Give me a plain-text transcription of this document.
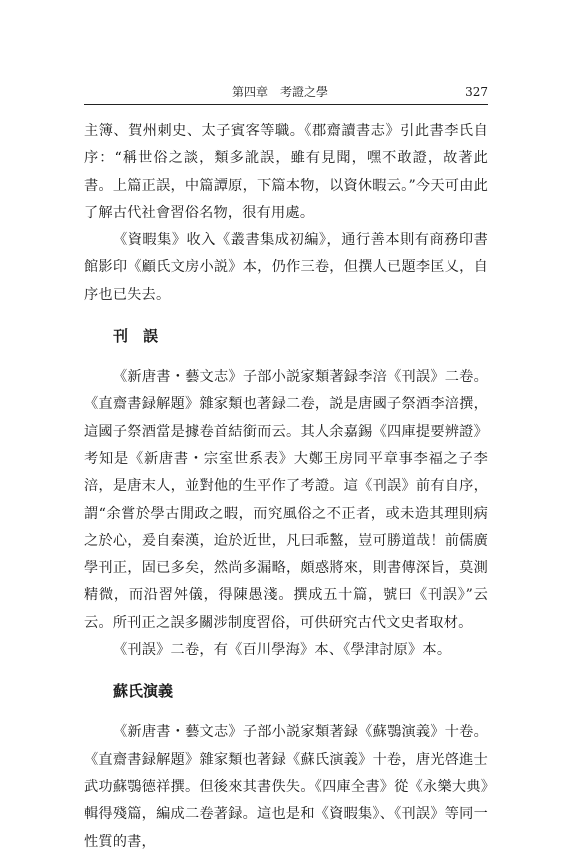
第四章　考證之學	327

主簿、賀州刺史、太子賓客等職。《郡齋讀書志》引此書李氏自序：“稱世俗之談，類多訛誤，雖有見聞，嘿不敢證，故著此書。上篇正誤，中篇譚原，下篇本物，以資休暇云。”今天可由此了解古代社會習俗名物，很有用處。

《資暇集》收入《叢書集成初編》，通行善本則有商務印書館影印《顧氏文房小説》本，仍作三卷，但撰人已題李匡乂，自序也已失去。

刊　誤

《新唐書・藝文志》子部小説家類著録李涪《刊誤》二卷。《直齋書録解題》雜家類也著録二卷，説是唐國子祭酒李涪撰，這國子祭酒當是據卷首結銜而云。其人余嘉錫《四庫提要辨證》考知是《新唐書・宗室世系表》大鄭王房同平章事李福之子李涪，是唐末人，並對他的生平作了考證。這《刊誤》前有自序，謂“余嘗於學古閒政之暇，而究風俗之不正者，或未造其理則病之於心，爰自秦漢，迨於近世，凡曰乖盭，豈可勝道哉！前儒廣學刊正，固已多矣，然尚多漏略，頗惑將來，則書傳深旨，莫測精微，而沿習舛儀，得陳愚淺。撰成五十篇，號曰《刊誤》”云云。所刊正之誤多關涉制度習俗，可供研究古代文史者取材。

《刊誤》二卷，有《百川學海》本、《學津討原》本。

蘇氏演義

《新唐書・藝文志》子部小説家類著録《蘇鶚演義》十卷。《直齋書録解題》雜家類也著録《蘇氏演義》十卷，唐光啓進士武功蘇鶚德祥撰。但後來其書佚失。《四庫全書》從《永樂大典》輯得殘篇，編成二卷著録。這也是和《資暇集》、《刊誤》等同一性質的書，
